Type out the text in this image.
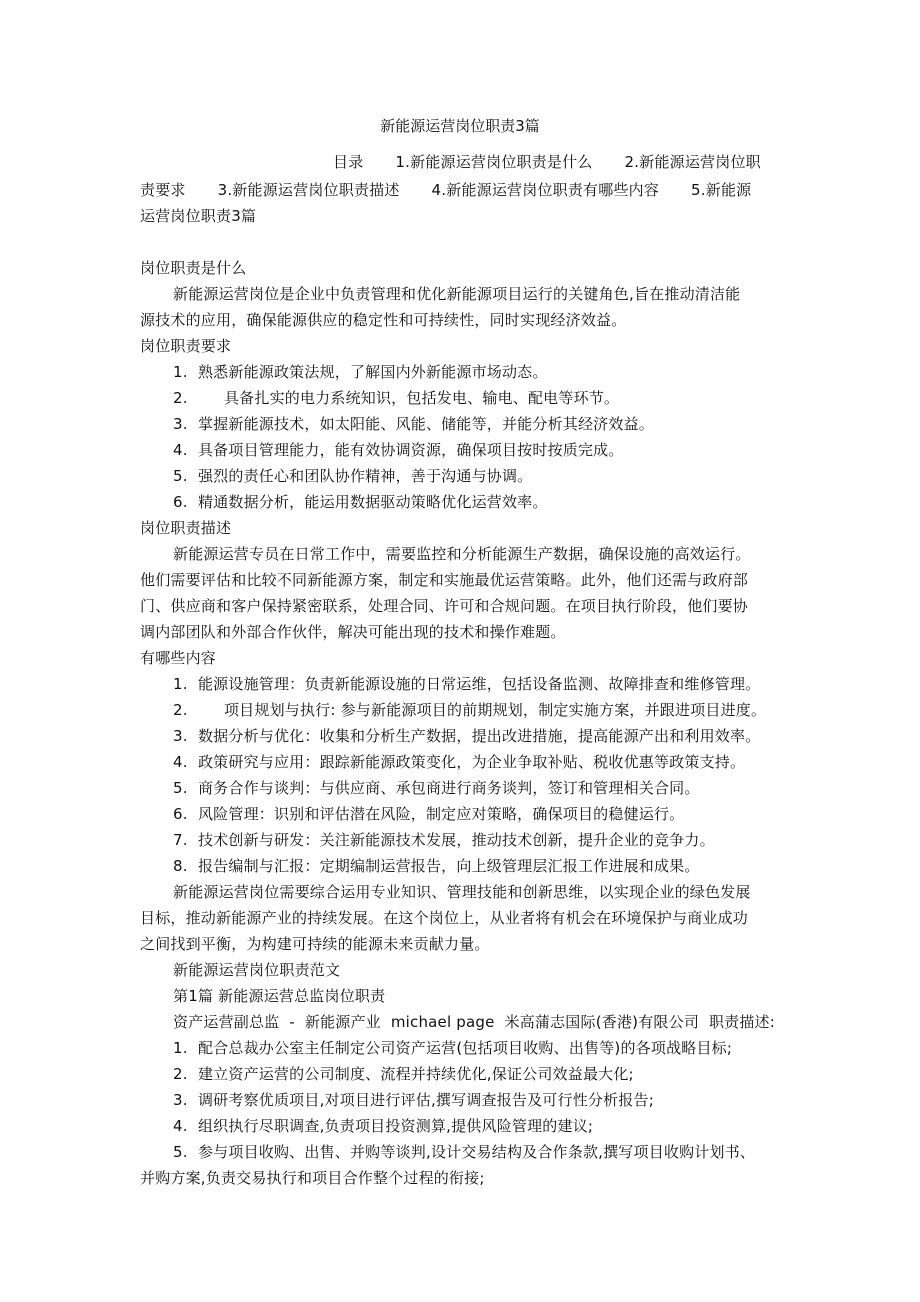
新能源运营岗位职责3篇
目录 1.新能源运营岗位职责是什么 2.新能源运营岗位职
责要求 3.新能源运营岗位职责描述 4.新能源运营岗位职责有哪些内容 5.新能源
运营岗位职责3篇
岗位职责是什么
新能源运营岗位是企业中负责管理和优化新能源项目运行的关键角色,旨在推动清洁能
源技术的应用，确保能源供应的稳定性和可持续性，同时实现经济效益。
岗位职责要求
1. 熟悉新能源政策法规，了解国内外新能源市场动态。
2. 具备扎实的电力系统知识，包括发电、输电、配电等环节。
3. 掌握新能源技术，如太阳能、风能、储能等，并能分析其经济效益。
4. 具备项目管理能力，能有效协调资源，确保项目按时按质完成。
5. 强烈的责任心和团队协作精神，善于沟通与协调。
6. 精通数据分析，能运用数据驱动策略优化运营效率。
岗位职责描述
新能源运营专员在日常工作中，需要监控和分析能源生产数据，确保设施的高效运行。
他们需要评估和比较不同新能源方案，制定和实施最优运营策略。此外，他们还需与政府部
门、供应商和客户保持紧密联系，处理合同、许可和合规问题。在项目执行阶段，他们要协
调内部团队和外部合作伙伴，解决可能出现的技术和操作难题。
有哪些内容
1. 能源设施管理：负责新能源设施的日常运维，包括设备监测、故障排查和维修管理。
2. 项目规划与执行: 参与新能源项目的前期规划，制定实施方案，并跟进项目进度。
3. 数据分析与优化：收集和分析生产数据，提出改进措施，提高能源产出和利用效率。
4. 政策研究与应用：跟踪新能源政策变化，为企业争取补贴、税收优惠等政策支持。
5. 商务合作与谈判：与供应商、承包商进行商务谈判，签订和管理相关合同。
6. 风险管理：识别和评估潜在风险，制定应对策略，确保项目的稳健运行。
7. 技术创新与研发：关注新能源技术发展，推动技术创新，提升企业的竞争力。
8. 报告编制与汇报：定期编制运营报告，向上级管理层汇报工作进展和成果。
新能源运营岗位需要综合运用专业知识、管理技能和创新思维，以实现企业的绿色发展
目标，推动新能源产业的持续发展。在这个岗位上，从业者将有机会在环境保护与商业成功
之间找到平衡，为构建可持续的能源未来贡献力量。
新能源运营岗位职责范文
第1篇 新能源运营总监岗位职责
资产运营副总监  -  新能源产业  michael page  米高蒲志国际(香港)有限公司  职责描述:
1. 配合总裁办公室主任制定公司资产运营(包括项目收购、出售等)的各项战略目标;
2. 建立资产运营的公司制度、流程并持续优化,保证公司效益最大化;
3. 调研考察优质项目,对项目进行评估,撰写调查报告及可行性分析报告;
4. 组织执行尽职调查,负责项目投资测算,提供风险管理的建议;
5. 参与项目收购、出售、并购等谈判,设计交易结构及合作条款,撰写项目收购计划书、
并购方案,负责交易执行和项目合作整个过程的衔接;
